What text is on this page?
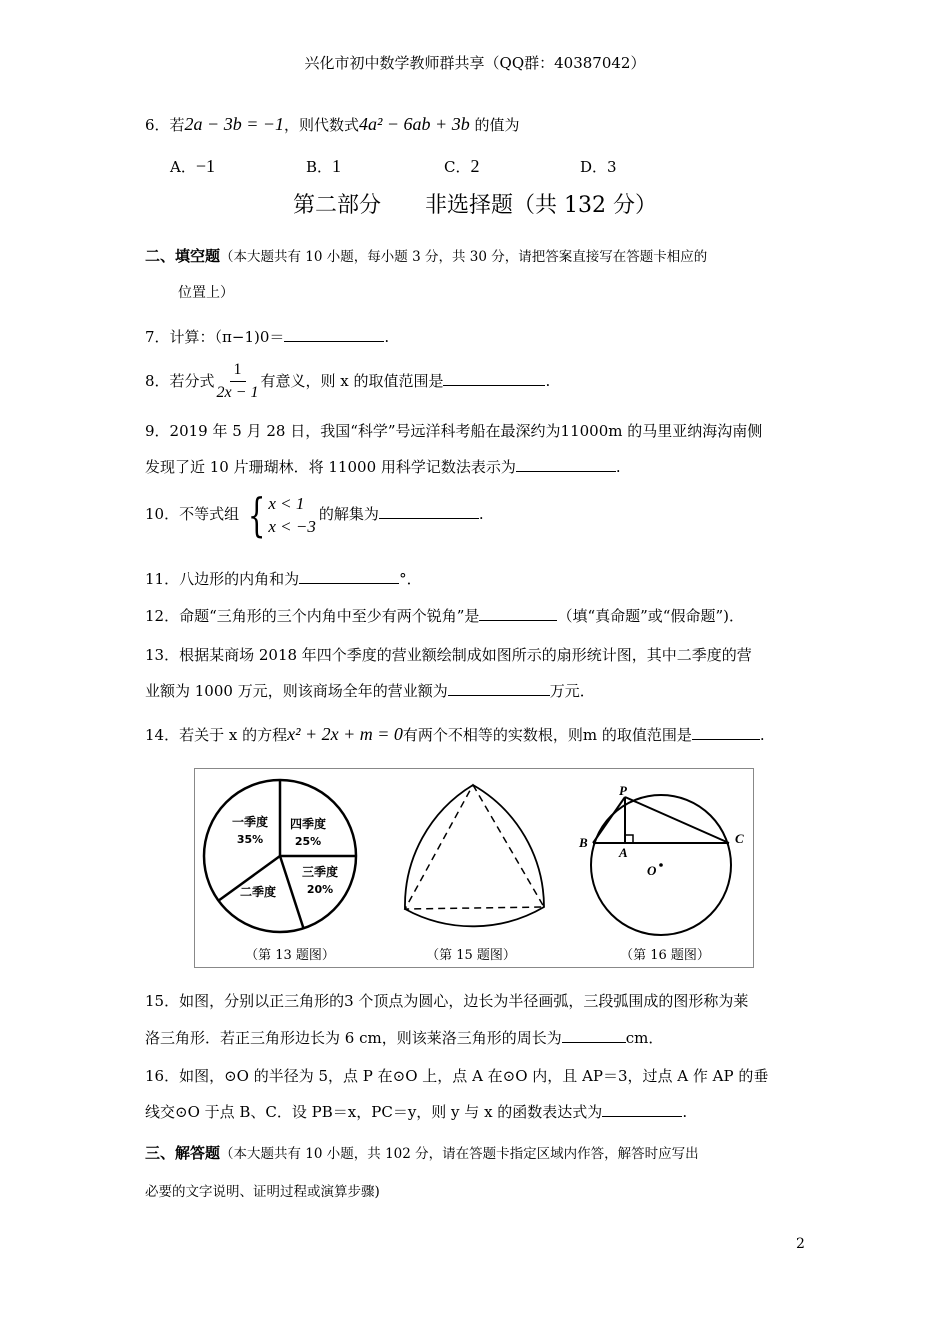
兴化市初中数学教师群共享（QQ群：40387042）
6．若2a − 3b = −1，则代数式4a² − 6ab + 3b 的值为
A．−1	B．1	C．2	D．3
第二部分　　非选择题（共 132 分）
二、填空题（本大题共有 10 小题，每小题 3 分，共 30 分，请把答案直接写在答题卡相应的
位置上）
7．计算：（π−1)0＝	.
8．若分式 $\frac{1}{2x - 1}$ 有意义，则 x 的取值范围是	.
9．2019 年 5 月 28 日，我国“科学”号远洋科考船在最深约为11000m 的马里亚纳海沟南侧
发现了近 10 片珊瑚林．将 11000 用科学记数法表示为	.
10．不等式组 { x < 1
x < −3
的解集为	.
11．八边形的内角和为	°．
12．命题“三角形的三个内角中至少有两个锐角”是	（填“真命题”或“假命题”)．
13．根据某商场 2018 年四个季度的营业额绘制成如图所示的扇形统计图，其中二季度的营
业额为 1000 万元，则该商场全年的营业额为	万元．
14．若关于 x 的方程x² + 2x + m = 0有两个不相等的实数根，则m 的取值范围是	.
四季度
25%
三季度
20%
二季度
一季度
35%
（第 13 题图）	（第 15 题图）
P
A
B	C
O
（第 16 题图）
15．如图，分别以正三角形的3 个顶点为圆心，边长为半径画弧，三段弧围成的图形称为莱
洛三角形．若正三角形边长为 6 cm，则该莱洛三角形的周长为	cm．
16．如图，⊙O 的半径为 5，点 P 在⊙O 上，点 A 在⊙O 内，且 AP＝3，过点 A 作 AP 的垂
线交⊙O 于点 B、C．设 PB＝x，PC＝y，则 y 与 x 的函数表达式为	.
三、解答题（本大题共有 10 小题，共 102 分，请在答题卡指定区域内作答，解答时应写出
必要的文字说明、证明过程或演算步骤)
2
